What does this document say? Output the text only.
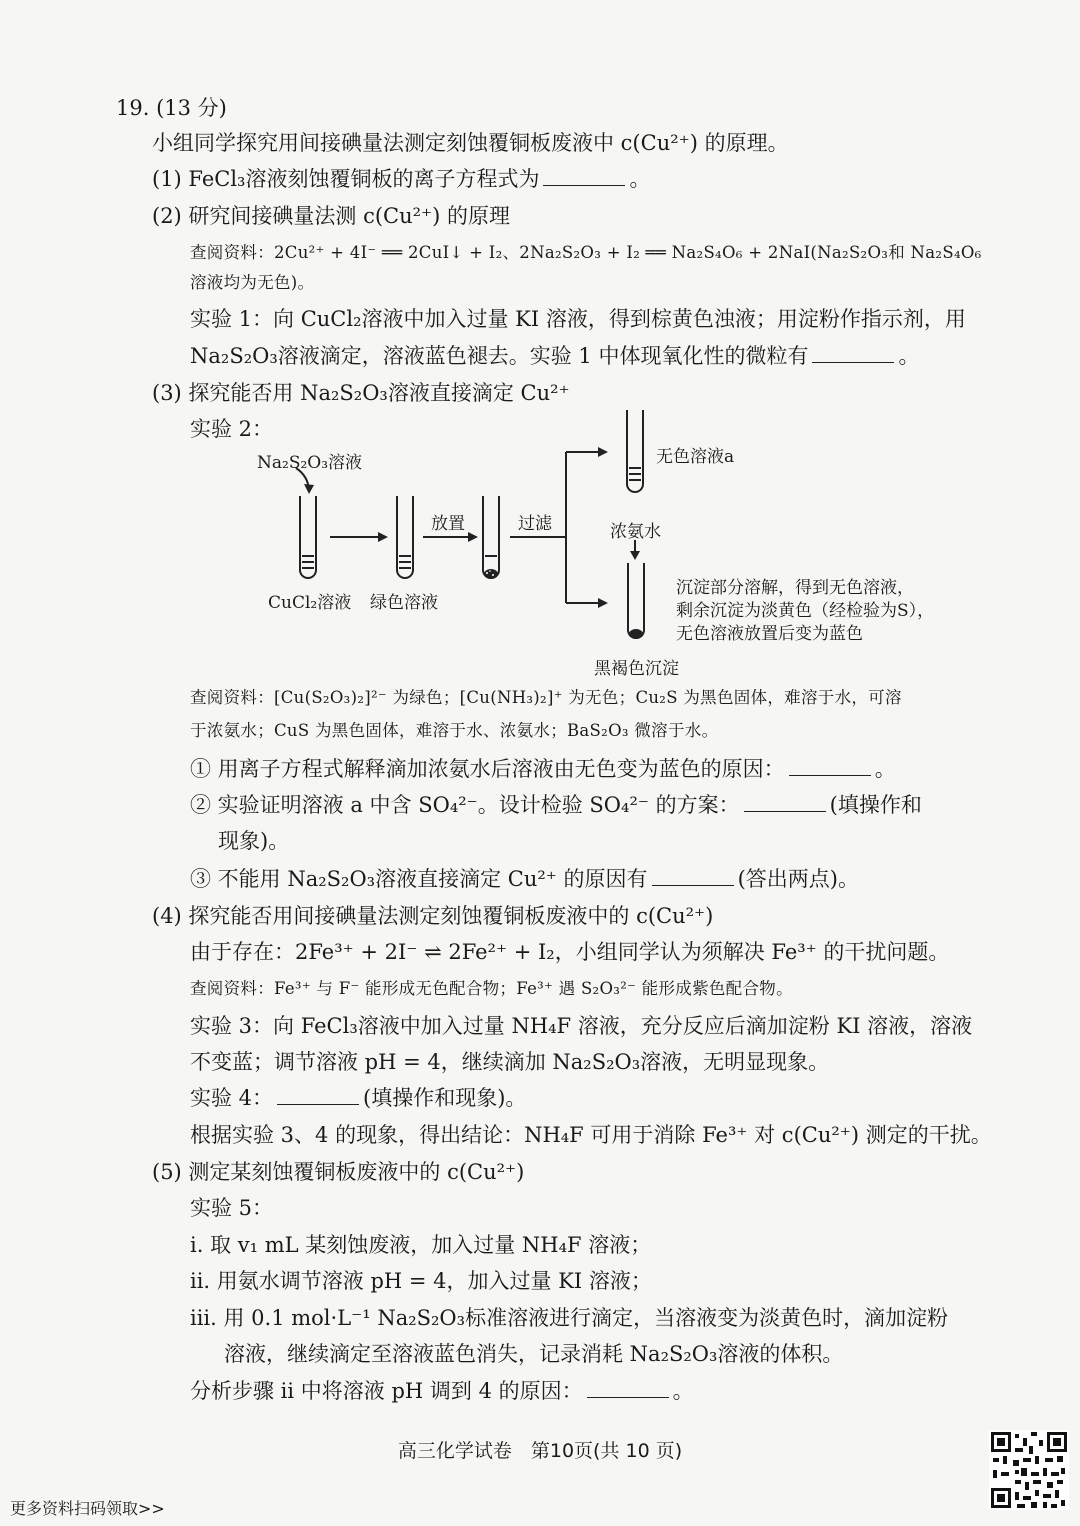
19. (13 分)
小组同学探究用间接碘量法测定刻蚀覆铜板废液中 c(Cu²⁺) 的原理。
(1) FeCl₃溶液刻蚀覆铜板的离子方程式为	。
(2) 研究间接碘量法测 c(Cu²⁺) 的原理
查阅资料：2Cu²⁺ + 4I⁻ ══ 2CuI↓ + I₂、2Na₂S₂O₃ + I₂ ══ Na₂S₄O₆ + 2NaI(Na₂S₂O₃和 Na₂S₄O₆
溶液均为无色)。
实验 1：向 CuCl₂溶液中加入过量 KI 溶液，得到棕黄色浊液；用淀粉作指示剂，用
Na₂S₂O₃溶液滴定，溶液蓝色褪去。实验 1 中体现氧化性的微粒有	。
(3) 探究能否用 Na₂S₂O₃溶液直接滴定 Cu²⁺
实验 2：
Na₂S₂O₃溶液
CuCl₂溶液 绿色溶液
放置	过滤
无色溶液a
浓氨水
沉淀部分溶解，得到无色溶液，
剩余沉淀为淡黄色（经检验为S），
无色溶液放置后变为蓝色
黑褐色沉淀
查阅资料：[Cu(S₂O₃)₂]²⁻ 为绿色；[Cu(NH₃)₂]⁺ 为无色；Cu₂S 为黑色固体，难溶于水，可溶
于浓氨水；CuS 为黑色固体，难溶于水、浓氨水；BaS₂O₃ 微溶于水。
① 用离子方程式解释滴加浓氨水后溶液由无色变为蓝色的原因：	。
② 实验证明溶液 a 中含 SO₄²⁻。设计检验 SO₄²⁻ 的方案：	(填操作和
现象)。
③ 不能用 Na₂S₂O₃溶液直接滴定 Cu²⁺ 的原因有	(答出两点)。
(4) 探究能否用间接碘量法测定刻蚀覆铜板废液中的 c(Cu²⁺)
由于存在：2Fe³⁺ + 2I⁻ ⇌ 2Fe²⁺ + I₂，小组同学认为须解决 Fe³⁺ 的干扰问题。
查阅资料：Fe³⁺ 与 F⁻ 能形成无色配合物；Fe³⁺ 遇 S₂O₃²⁻ 能形成紫色配合物。
实验 3：向 FeCl₃溶液中加入过量 NH₄F 溶液，充分反应后滴加淀粉 KI 溶液，溶液
不变蓝；调节溶液 pH = 4，继续滴加 Na₂S₂O₃溶液，无明显现象。
实验 4：	(填操作和现象)。
根据实验 3、4 的现象，得出结论：NH₄F 可用于消除 Fe³⁺ 对 c(Cu²⁺) 测定的干扰。
(5) 测定某刻蚀覆铜板废液中的 c(Cu²⁺)
实验 5：
ⅰ. 取 v₁ mL 某刻蚀废液，加入过量 NH₄F 溶液；
ⅱ. 用氨水调节溶液 pH = 4，加入过量 KI 溶液；
ⅲ. 用 0.1 mol·L⁻¹ Na₂S₂O₃标准溶液进行滴定，当溶液变为淡黄色时，滴加淀粉
溶液，继续滴定至溶液蓝色消失，记录消耗 Na₂S₂O₃溶液的体积。
分析步骤 ⅱ 中将溶液 pH 调到 4 的原因：	。
高三化学试卷　第10页(共 10 页)
更多资料扫码领取>>
